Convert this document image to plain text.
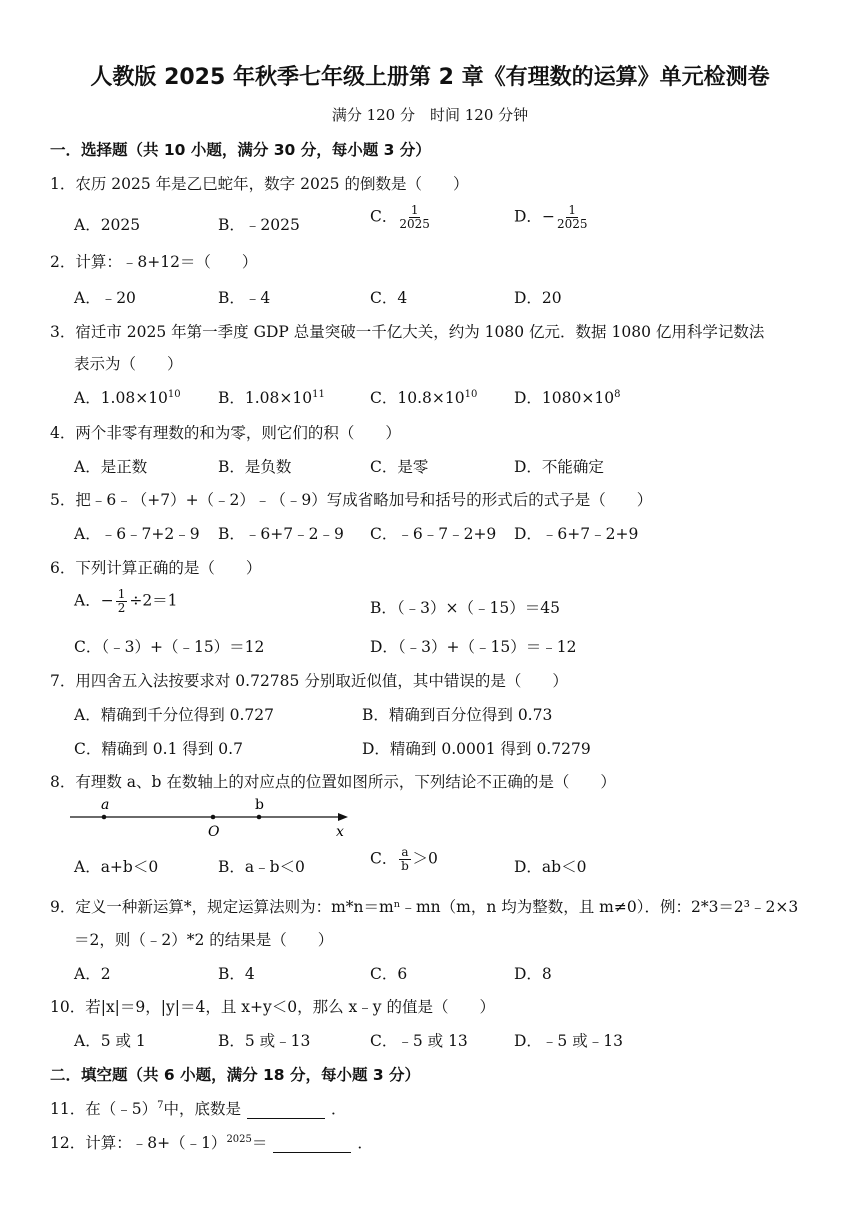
人教版 2025 年秋季七年级上册第 2 章《有理数的运算》单元检测卷
满分 120 分　时间 120 分钟
一．选择题（共 10 小题，满分 30 分，每小题 3 分）
1．农历 2025 年是乙巳蛇年，数字 2025 的倒数是（　　）
A．2025	B．﹣2025	C． $\frac{1}{2025}$	D．− $\frac{1}{2025}$
2．计算：﹣8+12＝（　　）
A．﹣20	B．﹣4	C．4	D．20
3．宿迁市 2025 年第一季度 GDP 总量突破一千亿大关，约为 1080 亿元．数据 1080 亿用科学记数法
表示为（　　）
A．$1.08\times 10^{10}$ B．$1.08\times 10^{11}$	C．$10.8\times 10^{10}$ D．$1080\times 10^8$
4．两个非零有理数的和为零，则它们的积（　　）
A．是正数	B．是负数	C．是零	D．不能确定
5．把﹣6﹣（+7）+（﹣2）﹣（﹣9）写成省略加号和括号的形式后的式子是（　　）
A．﹣6﹣7+2﹣9 B．﹣6+7﹣2﹣9 C．﹣6﹣7﹣2+9 D．﹣6+7﹣2+9
6．下列计算正确的是（　　）
A．− $\frac{1}{2} \div 2=1$	B．（﹣3）×（﹣15）＝45
C．（﹣3）+（﹣15）＝12	D．（﹣3）+（﹣15）＝﹣12
7．用四舍五入法按要求对 0.72785 分别取近似值，其中错误的是（　　）
A．精确到千分位得到 0.727	B．精确到百分位得到 0.73
C．精确到 0.1 得到 0.7	D．精确到 0.0001 得到 0.7279
8．有理数 a、b 在数轴上的对应点的位置如图所示，下列结论不正确的是（　　）
a	b
O	x
A．a+b＜0	B．a﹣b＜0	C． $\frac{a}{b} >0$	D．ab＜0
9．定义一种新运算*，规定运算法则为：m*n＝mⁿ﹣mn（m，n 均为整数，且 m≠0）．例：2*3＝2³﹣2×3
＝2，则（﹣2）*2 的结果是（　　）
A．2	B．4	C．6	D．8
10．若|x|＝9，|y|＝4，且 x+y＜0，那么 x﹣y 的值是（　　）
A．5 或 1	B．5 或﹣13	C．﹣5 或 13	D．﹣5 或﹣13
二．填空题（共 6 小题，满分 18 分，每小题 3 分）
11．在（﹣5）$^7$中，底数是	．
12．计算：﹣8+（﹣1）$^{2025}$＝	．
